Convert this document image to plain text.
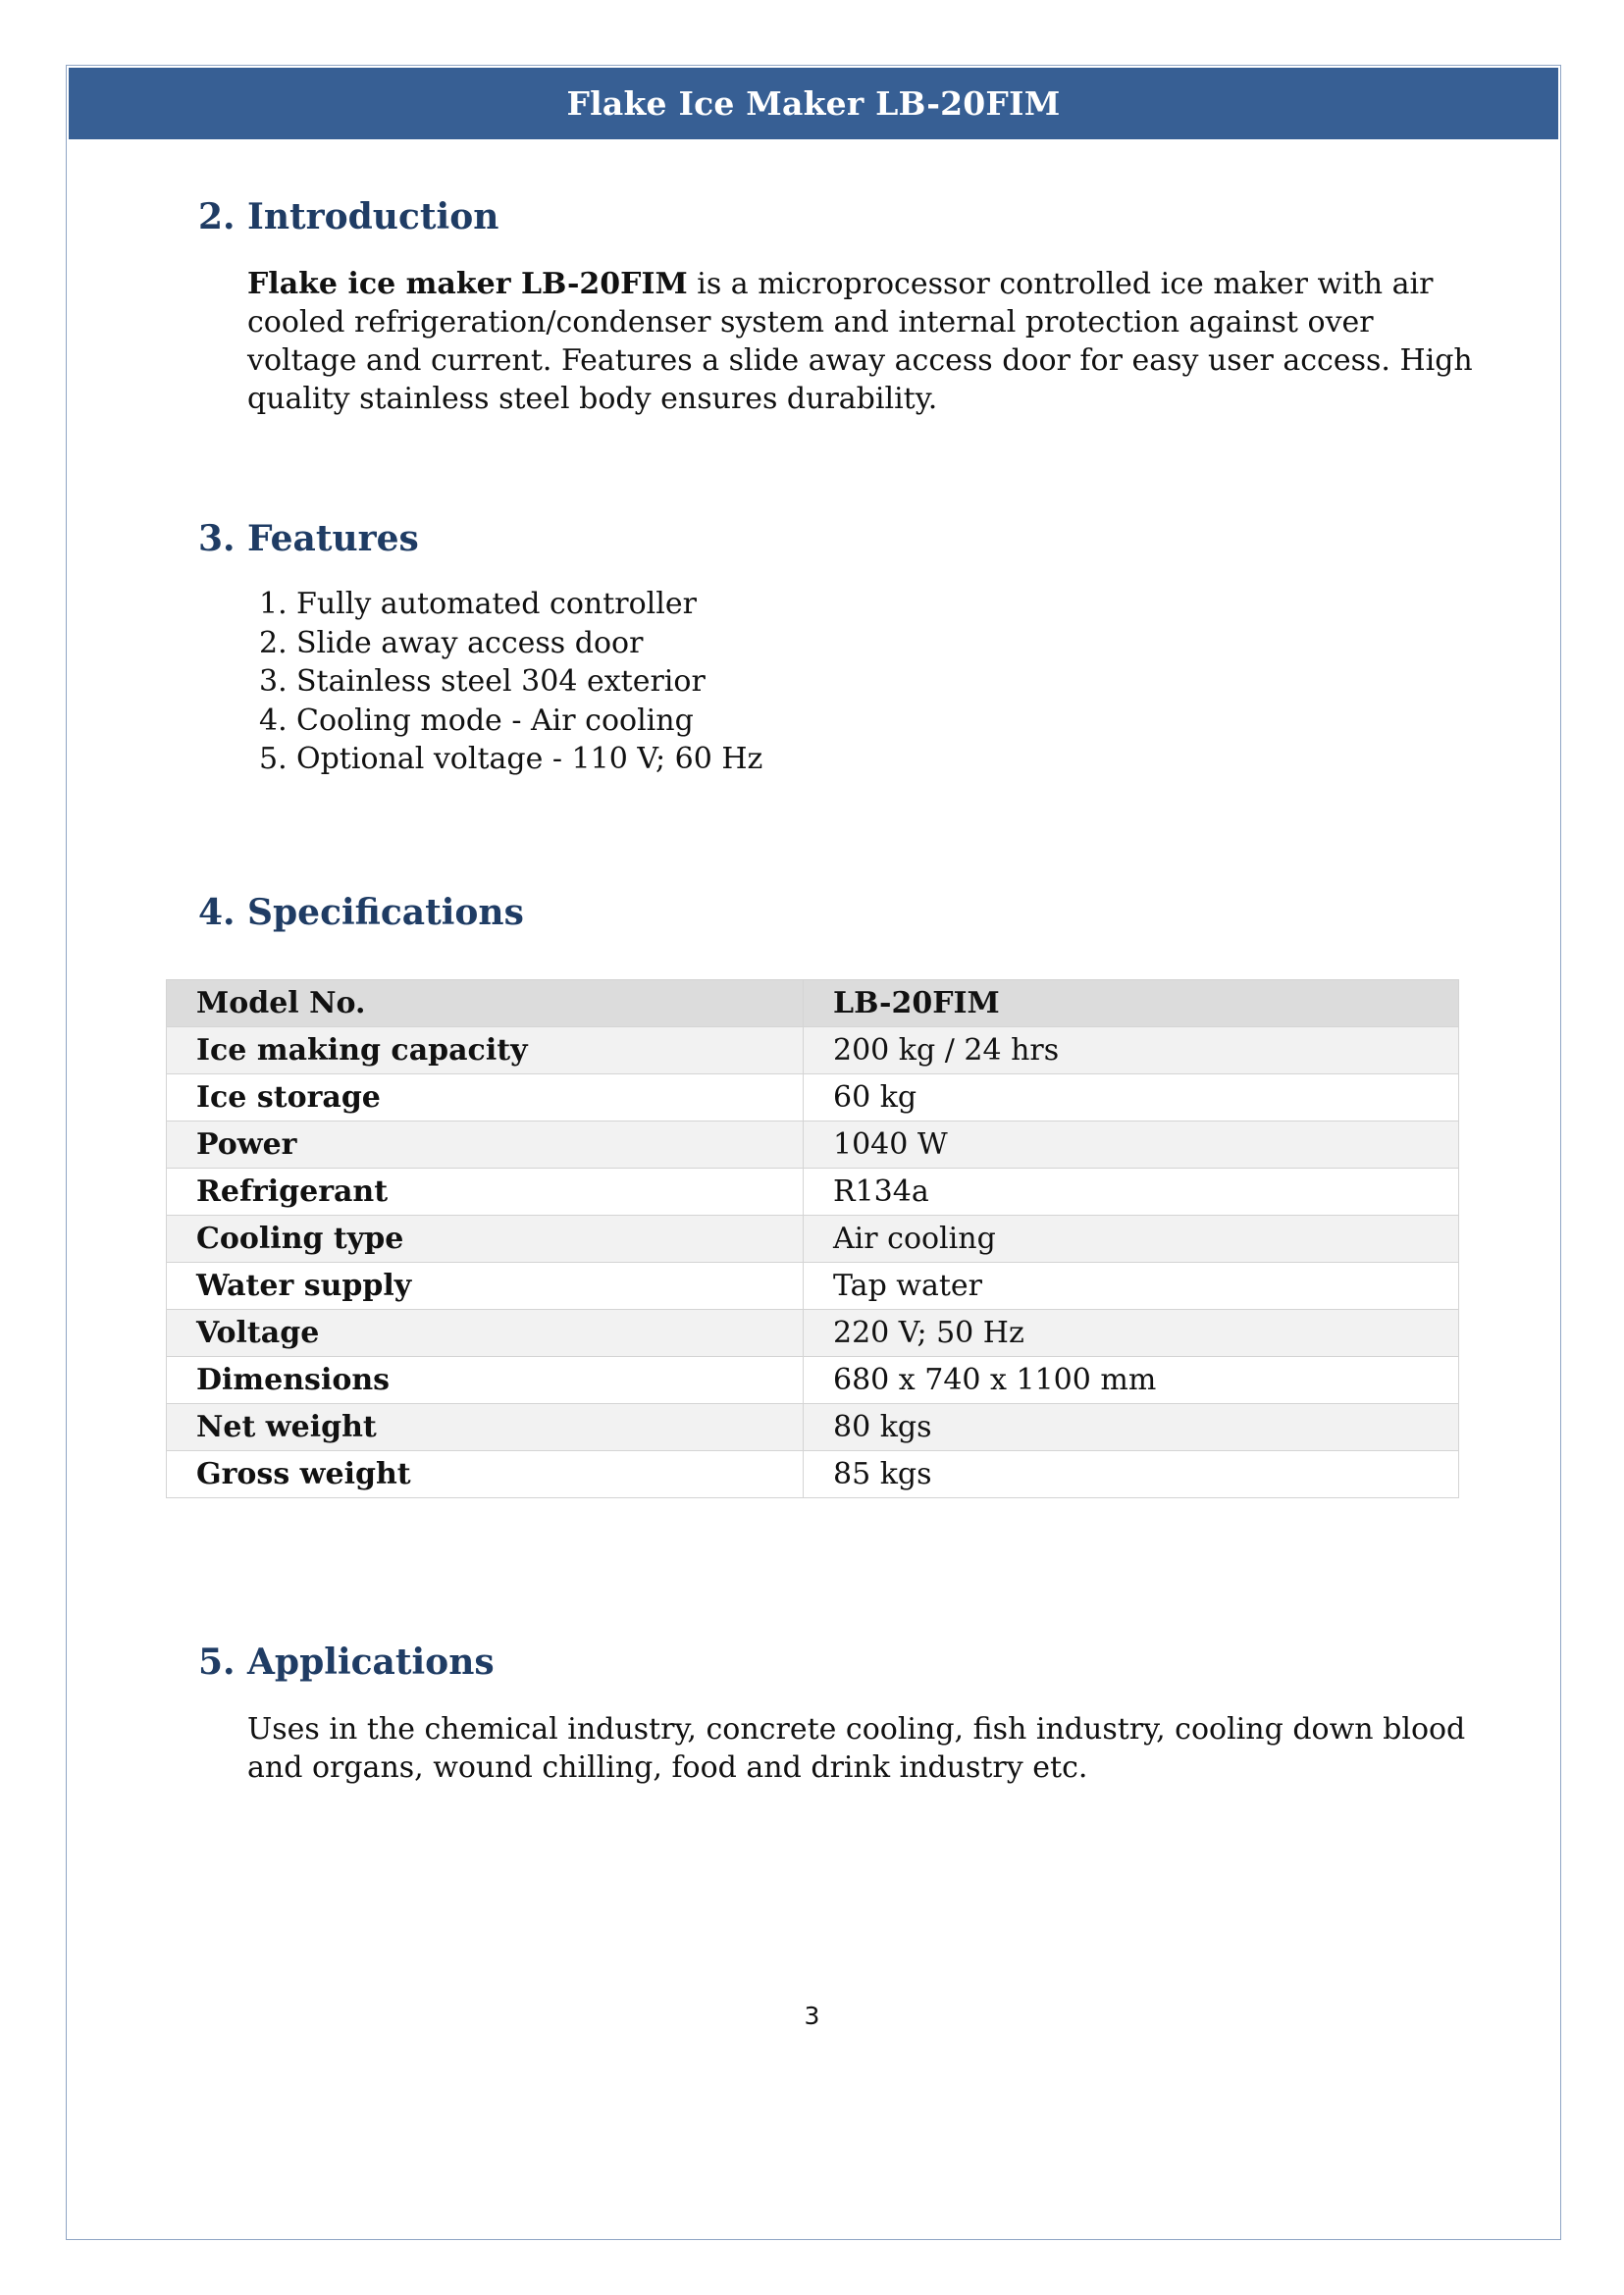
Flake Ice Maker LB-20FIM
2. Introduction

Flake ice maker LB-20FIM is a microprocessor controlled ice maker with air cooled refrigeration/condenser system and internal protection against over voltage and current. Features a slide away access door for easy user access. High quality stainless steel body ensures durability.

3. Features
1. Fully automated controller
2. Slide away access door
3. Stainless steel 304 exterior
4. Cooling mode - Air cooling
5. Optional voltage - 110 V; 60 Hz
4. Specifications
Model No.	LB-20FIM
Ice making capacity	200 kg / 24 hrs
Ice storage	60 kg
Power	1040 W
Refrigerant	R134a
Cooling type	Air cooling
Water supply	Tap water
Voltage	220 V; 50 Hz
Dimensions	680 x 740 x 1100 mm
Net weight	80 kgs
Gross weight	85 kgs
5. Applications

Uses in the chemical industry, concrete cooling, fish industry, cooling down blood and organs, wound chilling, food and drink industry etc.

3
